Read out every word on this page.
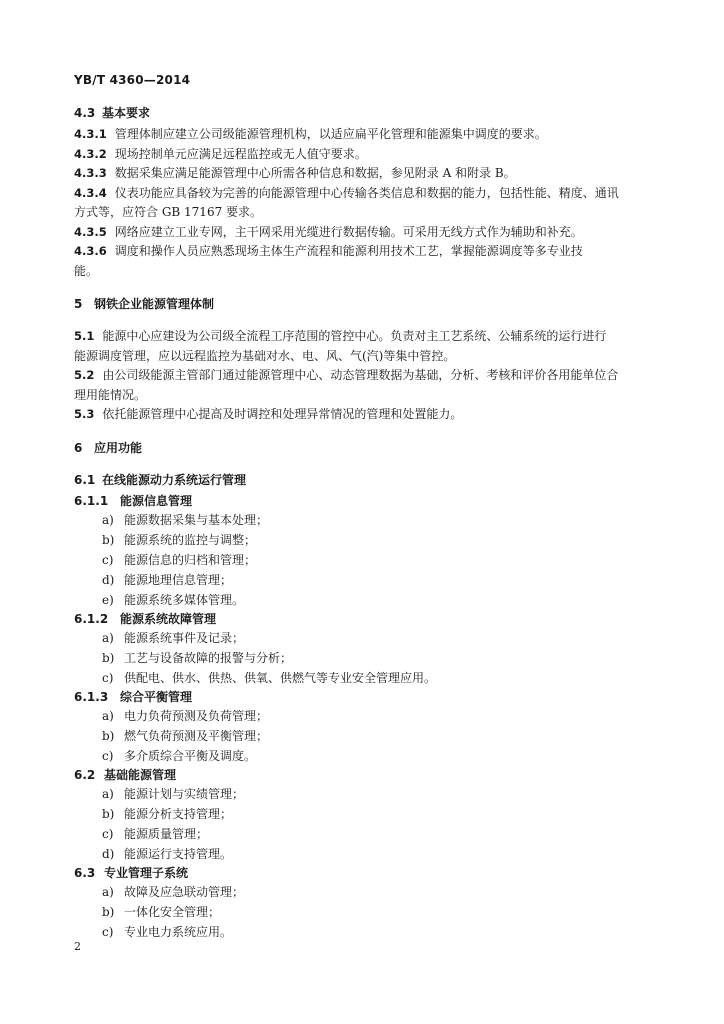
YB/T 4360—2014
4.3 基本要求
4.3.1 管理体制应建立公司级能源管理机构，以适应扁平化管理和能源集中调度的要求。
4.3.2 现场控制单元应满足远程监控或无人值守要求。
4.3.3 数据采集应满足能源管理中心所需各种信息和数据，参见附录 A 和附录 B。
4.3.4 仪表功能应具备较为完善的向能源管理中心传输各类信息和数据的能力，包括性能、精度、通讯
方式等，应符合 GB 17167 要求。
4.3.5 网络应建立工业专网，主干网采用光缆进行数据传输。可采用无线方式作为辅助和补充。
4.3.6 调度和操作人员应熟悉现场主体生产流程和能源利用技术工艺，掌握能源调度等多专业技
能。
5 钢铁企业能源管理体制
5.1 能源中心应建设为公司级全流程工序范围的管控中心。负责对主工艺系统、公辅系统的运行进行
能源调度管理，应以远程监控为基础对水、电、风、气(汽)等集中管控。
5.2 由公司级能源主管部门通过能源管理中心、动态管理数据为基础，分析、考核和评价各用能单位合
理用能情况。
5.3 依托能源管理中心提高及时调控和处理异常情况的管理和处置能力。
6 应用功能
6.1 在线能源动力系统运行管理
6.1.1 能源信息管理
a) 能源数据采集与基本处理；
b) 能源系统的监控与调整；
c) 能源信息的归档和管理；
d) 能源地理信息管理；
e) 能源系统多媒体管理。
6.1.2 能源系统故障管理
a) 能源系统事件及记录；
b) 工艺与设备故障的报警与分析；
c) 供配电、供水、供热、供氧、供燃气等专业安全管理应用。
6.1.3 综合平衡管理
a) 电力负荷预测及负荷管理；
b) 燃气负荷预测及平衡管理；
c) 多介质综合平衡及调度。
6.2 基础能源管理
a) 能源计划与实绩管理；
b) 能源分析支持管理；
c) 能源质量管理；
d) 能源运行支持管理。
6.3 专业管理子系统
a) 故障及应急联动管理；
b) 一体化安全管理；
c) 专业电力系统应用。
2
